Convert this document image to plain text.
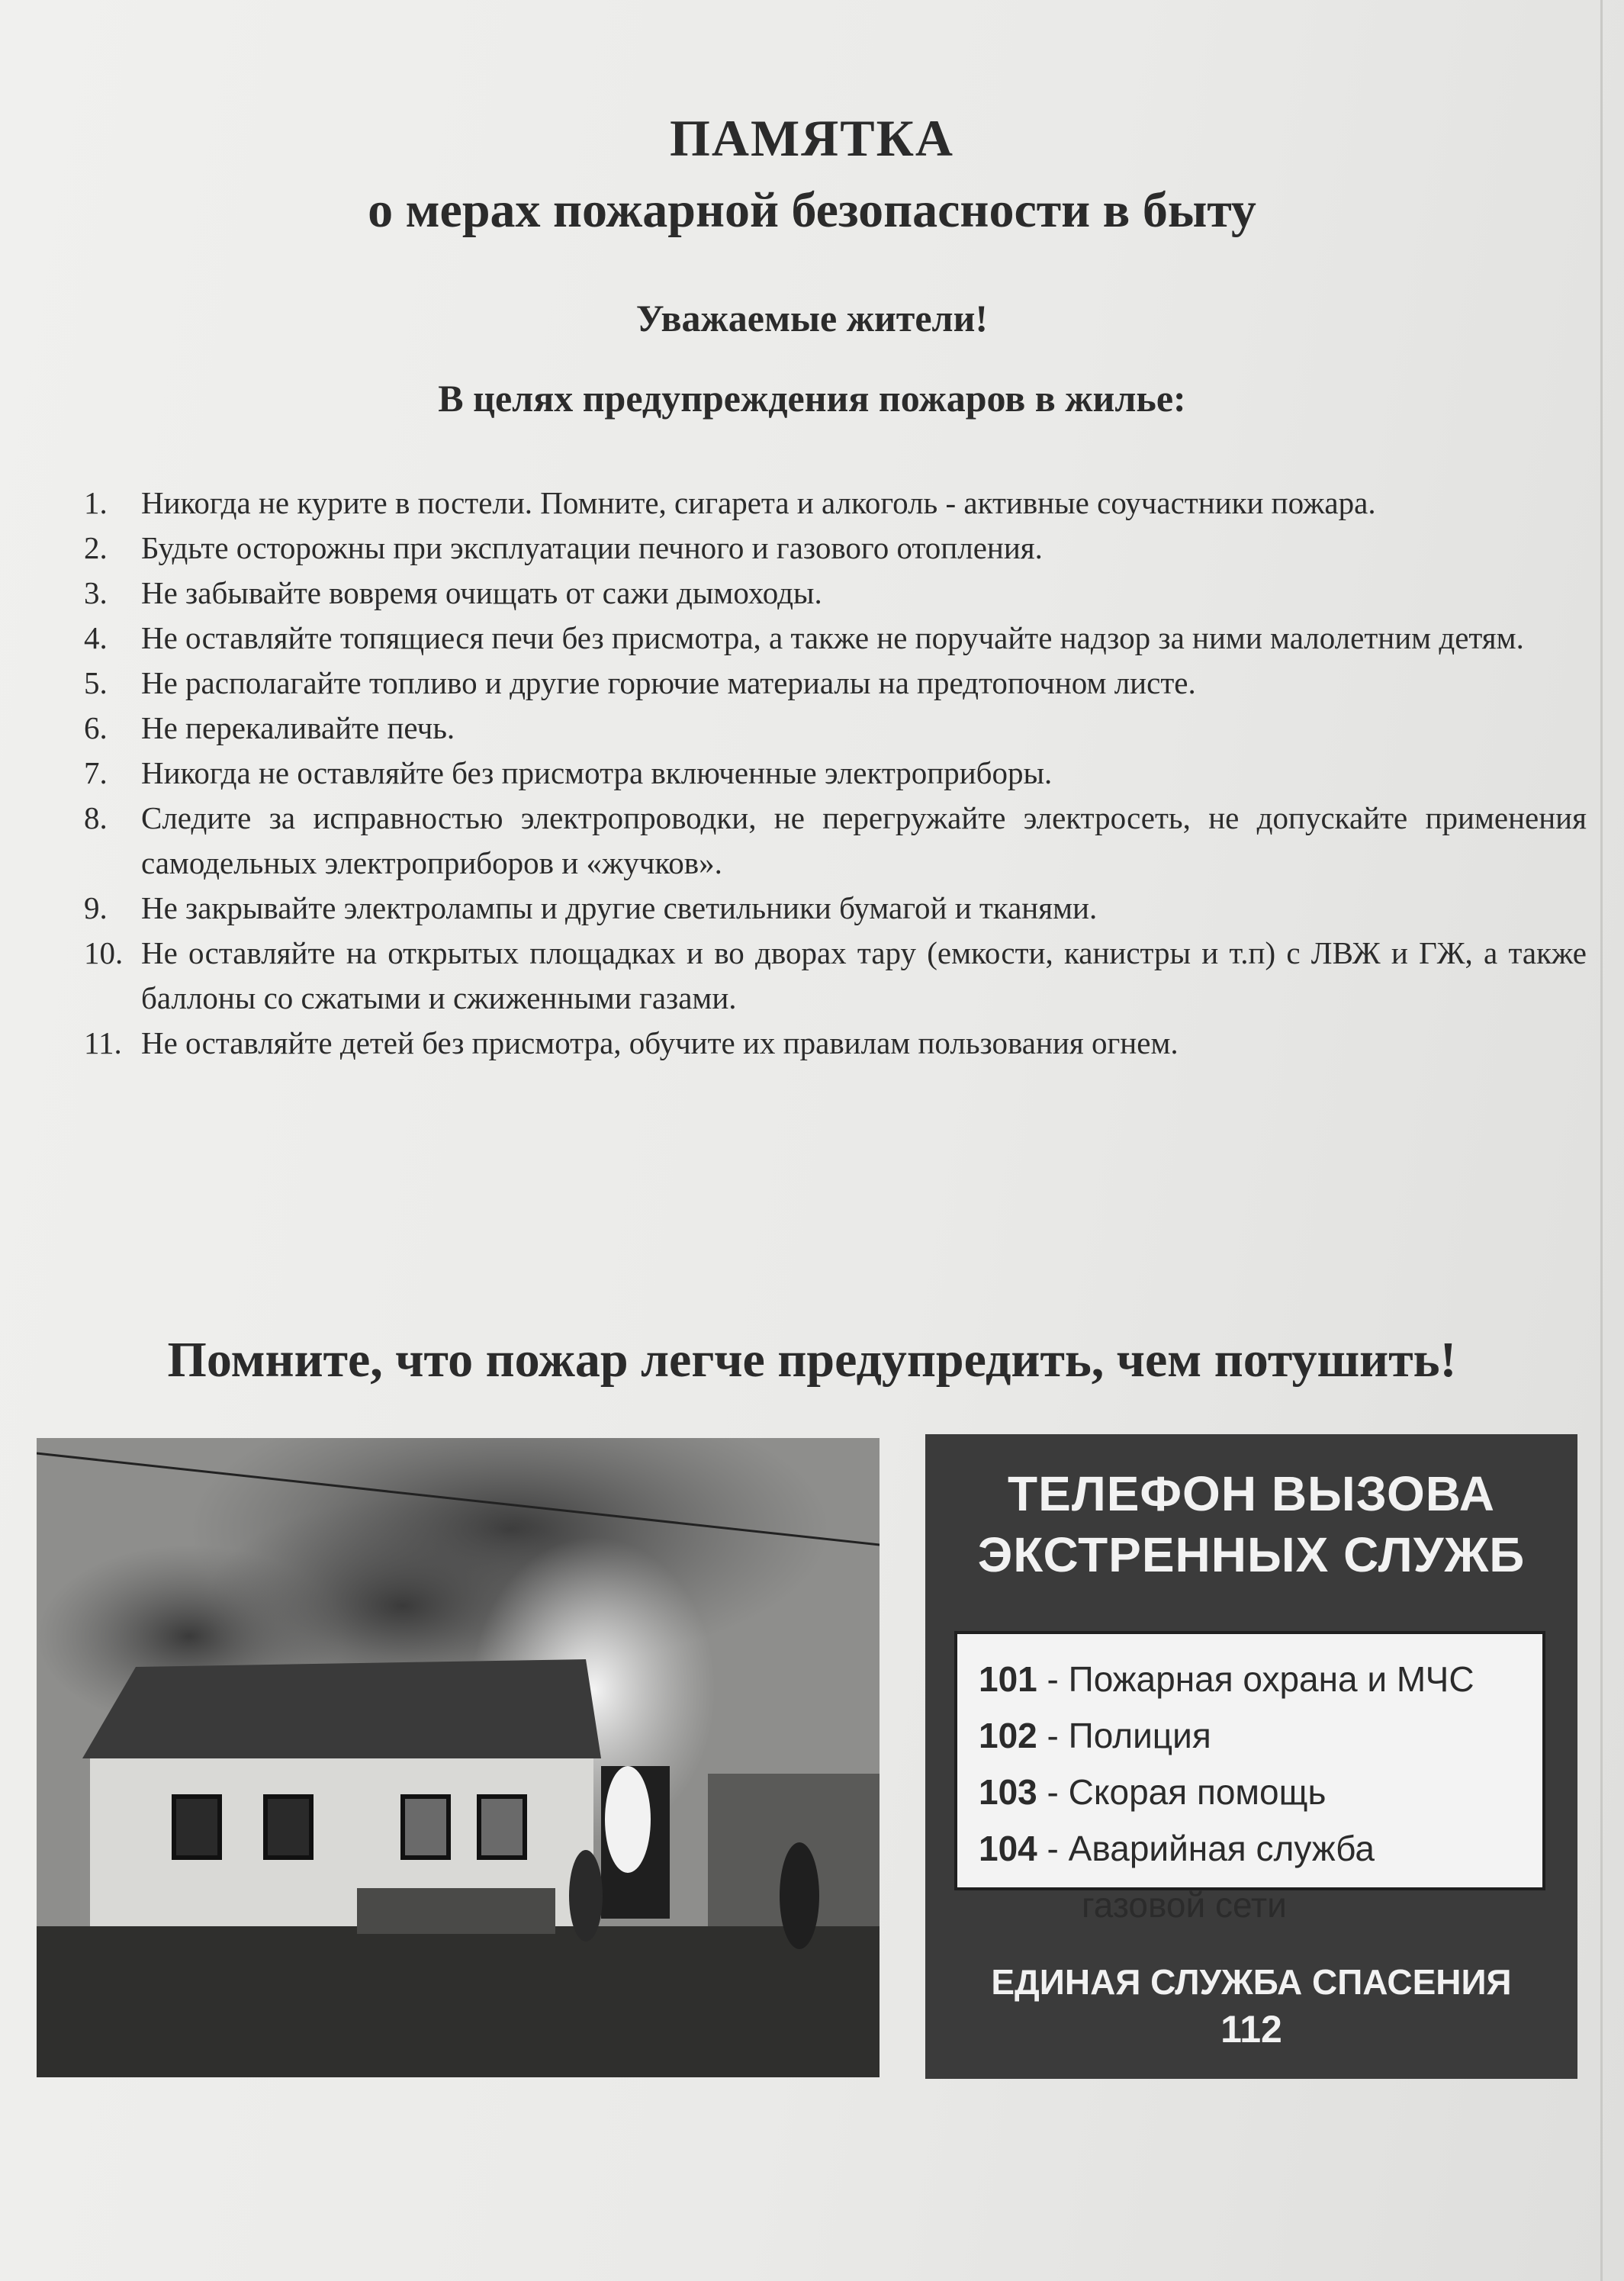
ПАМЯТКА
о мерах пожарной безопасности в быту
Уважаемые жители!
В целях предупреждения пожаров в жилье:
1. Никогда не курите в постели. Помните, сигарета и алкоголь - активные соучастники пожара.
2. Будьте осторожны при эксплуатации печного и газового отопления.
3. Не забывайте вовремя очищать от сажи дымоходы.
4. Не оставляйте топящиеся печи без присмотра, а также не поручайте надзор за ними малолетним детям.
5. Не располагайте топливо и другие горючие материалы на предтопочном листе.
6. Не перекаливайте печь.
7. Никогда не оставляйте без присмотра включенные электроприборы.
8. Следите за исправностью электропроводки, не перегружайте электросеть, не допускайте применения самодельных электроприборов и «жучков».
9. Не закрывайте электролампы и другие светильники бумагой и тканями.
10. Не оставляйте на открытых площадках и во дворах тару (емкости, канистры и т.п) с ЛВЖ и ГЖ, а также баллоны со сжатыми и сжиженными газами.
11. Не оставляйте детей без присмотра, обучите их правилам пользования огнем.
Помните, что пожар легче предупредить, чем потушить!
ТЕЛЕФОН ВЫЗОВА
ЭКСТРЕННЫХ СЛУЖБ
101 - Пожарная охрана и МЧС
102 - Полиция
103 - Скорая помощь
104 - Аварийная служба
газовой сети
ЕДИНАЯ СЛУЖБА СПАСЕНИЯ
112
